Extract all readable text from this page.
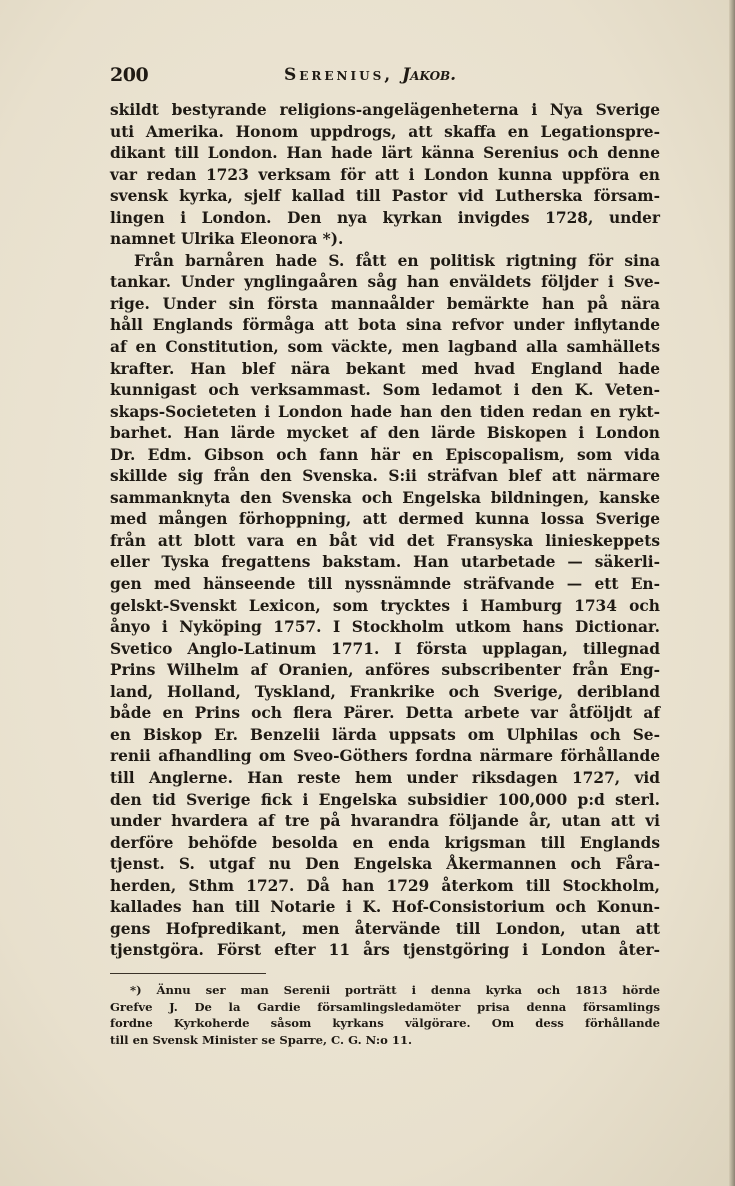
200	Serenius, Jakob.
skildt bestyrande religions-angelägenheterna i Nya Sverige
uti Amerika. Honom uppdrogs, att skaffa en Legationspre-
dikant till London. Han hade lärt känna Serenius och denne
var redan 1723 verksam för att i London kunna uppföra en
svensk kyrka, sjelf kallad till Pastor vid Lutherska försam-
lingen i London. Den nya kyrkan invigdes 1728, under
namnet Ulrika Eleonora *).
Från barnåren hade S. fått en politisk rigtning för sina
tankar. Under ynglingaåren såg han enväldets följder i Sve-
rige. Under sin första mannaålder bemärkte han på nära
håll Englands förmåga att bota sina refvor under inflytande
af en Constitution, som väckte, men lagband alla samhällets
krafter. Han blef nära bekant med hvad England hade
kunnigast och verksammast. Som ledamot i den K. Veten-
skaps-Societeten i London hade han den tiden redan en rykt-
barhet. Han lärde mycket af den lärde Biskopen i London
Dr. Edm. Gibson och fann här en Episcopalism, som vida
skillde sig från den Svenska. S:ii sträfvan blef att närmare
sammanknyta den Svenska och Engelska bildningen, kanske
med mången förhoppning, att dermed kunna lossa Sverige
från att blott vara en båt vid det Fransyska linieskeppets
eller Tyska fregattens bakstam. Han utarbetade — säkerli-
gen med hänseende till nyssnämnde sträfvande — ett En-
gelskt-Svenskt Lexicon, som trycktes i Hamburg 1734 och
ånyo i Nyköping 1757. I Stockholm utkom hans Dictionar.
Svetico Anglo-Latinum 1771. I första upplagan, tillegnad
Prins Wilhelm af Oranien, anföres subscribenter från Eng-
land, Holland, Tyskland, Frankrike och Sverige, deribland
både en Prins och flera Pärer. Detta arbete var åtföljdt af
en Biskop Er. Benzelii lärda uppsats om Ulphilas och Se-
renii afhandling om Sveo-Göthers fordna närmare förhållande
till Anglerne. Han reste hem under riksdagen 1727, vid
den tid Sverige fick i Engelska subsidier 100,000 p:d sterl.
under hvardera af tre på hvarandra följande år, utan att vi
derföre behöfde besolda en enda krigsman till Englands
tjenst. S. utgaf nu Den Engelska Åkermannen och Fåra-
herden, Sthm 1727. Då han 1729 återkom till Stockholm,
kallades han till Notarie i K. Hof-Consistorium och Konun-
gens Hofpredikant, men återvände till London, utan att
tjenstgöra. Först efter 11 års tjenstgöring i London åter-
*) Ännu ser man Serenii porträtt i denna kyrka och 1813 hörde
Grefve J. De la Gardie församlingsledamöter prisa denna församlings
fordne Kyrkoherde såsom kyrkans välgörare. Om dess förhållande
till en Svensk Minister se Sparre, C. G. N:o 11.
